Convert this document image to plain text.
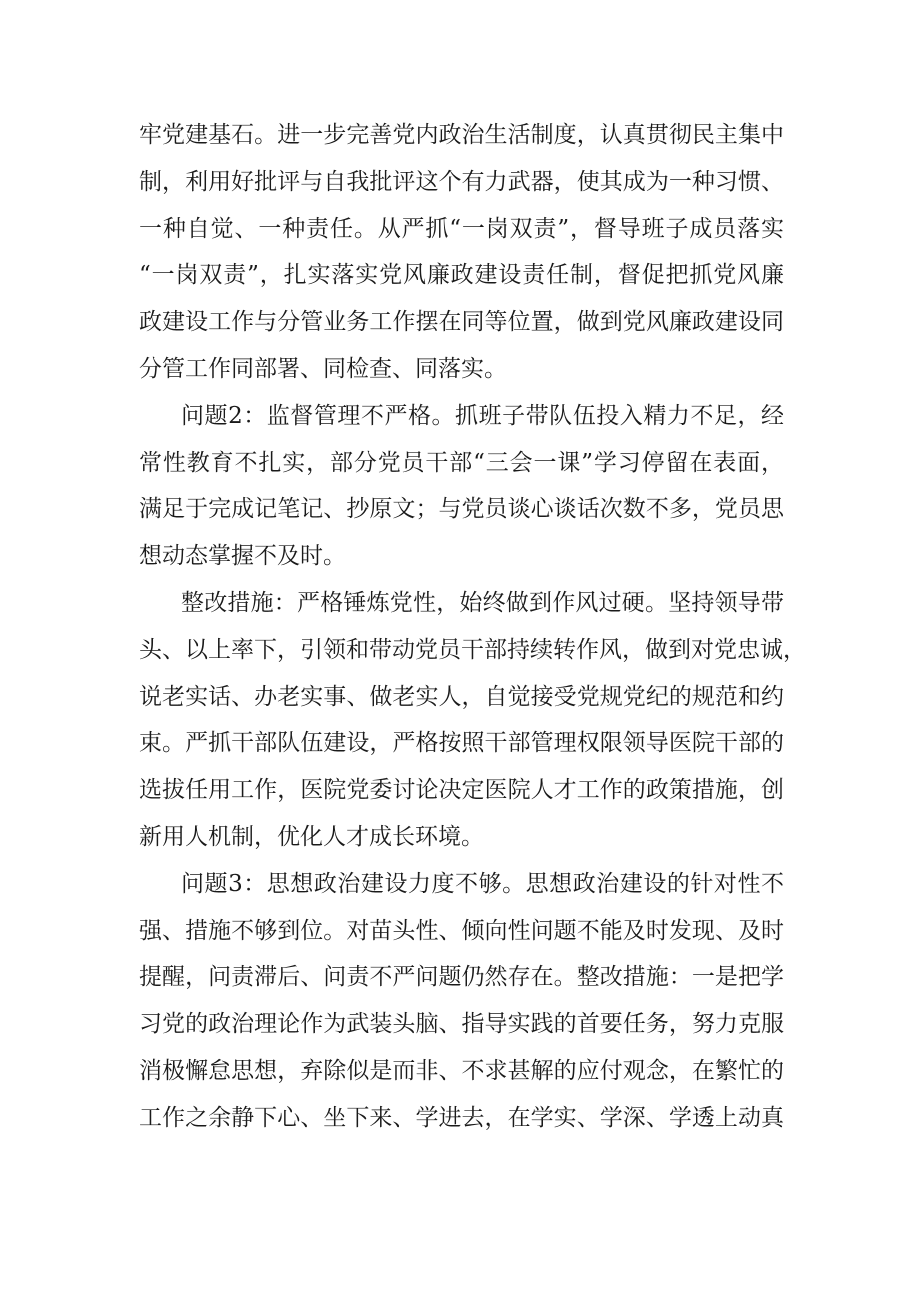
牢党建基石。进一步完善党内政治生活制度，认真贯彻民主集中
制，利用好批评与自我批评这个有力武器，使其成为一种习惯、
一种自觉、一种责任。从严抓“一岗双责”，督导班子成员落实
“一岗双责”，扎实落实党风廉政建设责任制，督促把抓党风廉
政建设工作与分管业务工作摆在同等位置，做到党风廉政建设同
分管工作同部署、同检查、同落实。
问题2：监督管理不严格。抓班子带队伍投入精力不足，经
常性教育不扎实，部分党员干部“三会一课”学习停留在表面，
满足于完成记笔记、抄原文；与党员谈心谈话次数不多，党员思
想动态掌握不及时。
整改措施：严格锤炼党性，始终做到作风过硬。坚持领导带
头、以上率下，引领和带动党员干部持续转作风，做到对党忠诚，
说老实话、办老实事、做老实人，自觉接受党规党纪的规范和约
束。严抓干部队伍建设，严格按照干部管理权限领导医院干部的
选拔任用工作，医院党委讨论决定医院人才工作的政策措施，创
新用人机制，优化人才成长环境。
问题3：思想政治建设力度不够。思想政治建设的针对性不
强、措施不够到位。对苗头性、倾向性问题不能及时发现、及时
提醒，问责滞后、问责不严问题仍然存在。整改措施：一是把学
习党的政治理论作为武装头脑、指导实践的首要任务，努力克服
消极懈怠思想，弃除似是而非、不求甚解的应付观念，在繁忙的
工作之余静下心、坐下来、学进去，在学实、学深、学透上动真
